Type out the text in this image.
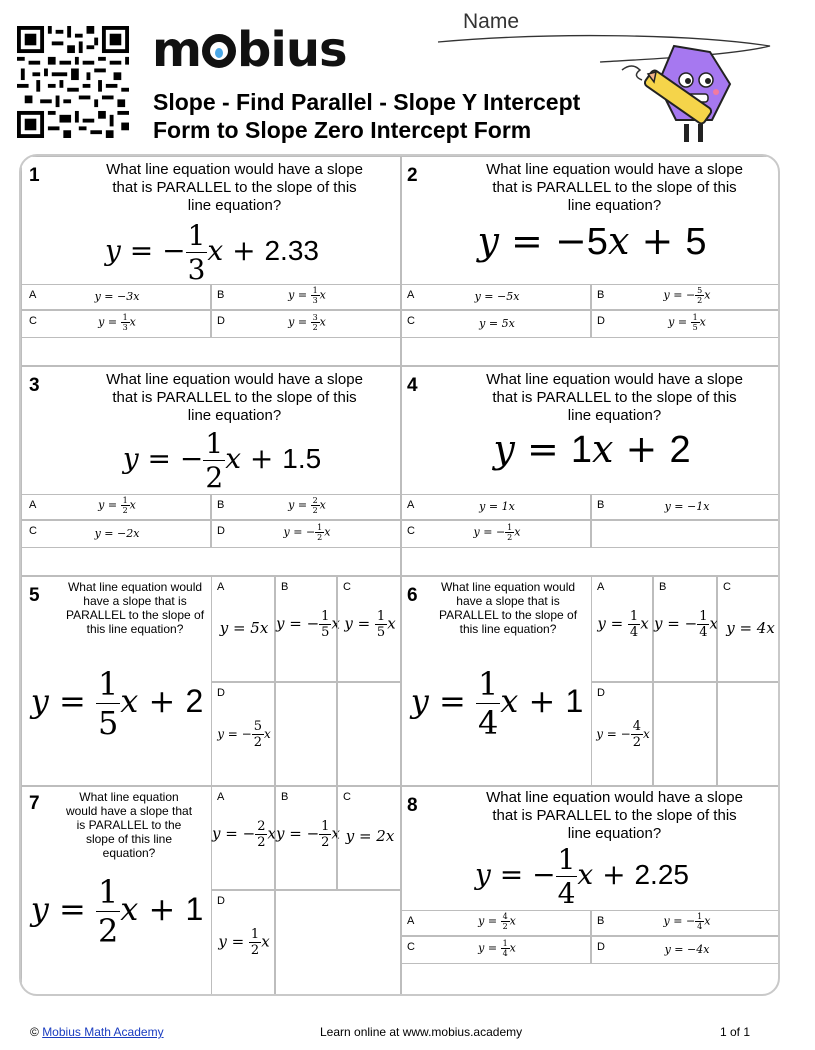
m bius
Slope - Find Parallel - Slope Y Intercept
Form to Slope Zero Intercept Form
Name
1	What line equation would have a slope that is PARALLEL to the slope of this line equation?
y = − $\frac{1}{3}$ x + 2.33
A	y = −3x	B	$y = \frac{1}{3}$ x
C	$y = \frac{1}{3}$ x	D	$y = \frac{3}{2}$ x
2	What line equation would have a slope that is PARALLEL to the slope of this line equation?
y = −5x + 5
A	y = −5x	B	y = − $\frac{5}{2}$ x
C	y = 5x	D	$y = \frac{1}{5}$ x
3	What line equation would have a slope that is PARALLEL to the slope of this line equation?
y = − $\frac{1}{2}$ x + 1.5
A	$y = \frac{1}{2}$ x	B	$y = \frac{2}{2}$ x
C	y = −2x	D	y = − $\frac{1}{2}$ x
4	What line equation would have a slope that is PARALLEL to the slope of this line equation?
y = 1x + 2
A	y = 1x	B	y = −1x
C	y = − $\frac{1}{2}$ x
5	What line equation would have a slope that is PARALLEL to the slope of this line equation?
$y = \frac{1}{5}$ x + 2
A
y = 5x
B
y = − $\frac{1}{5}$ x
C
$y = \frac{1}{5}$ x
D
y = − $\frac{5}{2}$ x
6 What line equation would have a slope that is PARALLEL to the slope of this line equation?
$y = \frac{1}{4}$ x + 1
A
$y = \frac{1}{4}$ x
B
y = − $\frac{1}{4}$ x
C
y = 4x
D
y = − $\frac{4}{2}$ x
7	What line equation would have a slope that is PARALLEL to the slope of this line equation?
$y = \frac{1}{2}$ x + 1
A
y = − $\frac{2}{2}$ x
B
y = − $\frac{1}{2}$ x
C
y = 2x
D
$y = \frac{1}{2}$ x
8	What line equation would have a slope that is PARALLEL to the slope of this line equation?
y = − $\frac{1}{4}$ x + 2.25
A	$y = \frac{4}{2}$ x	B	y = − $\frac{1}{4}$ x
C	$y = \frac{1}{4}$ x	D	y = −4x
© Mobius Math Academy	Learn online at www.mobius.academy	1 of 1
